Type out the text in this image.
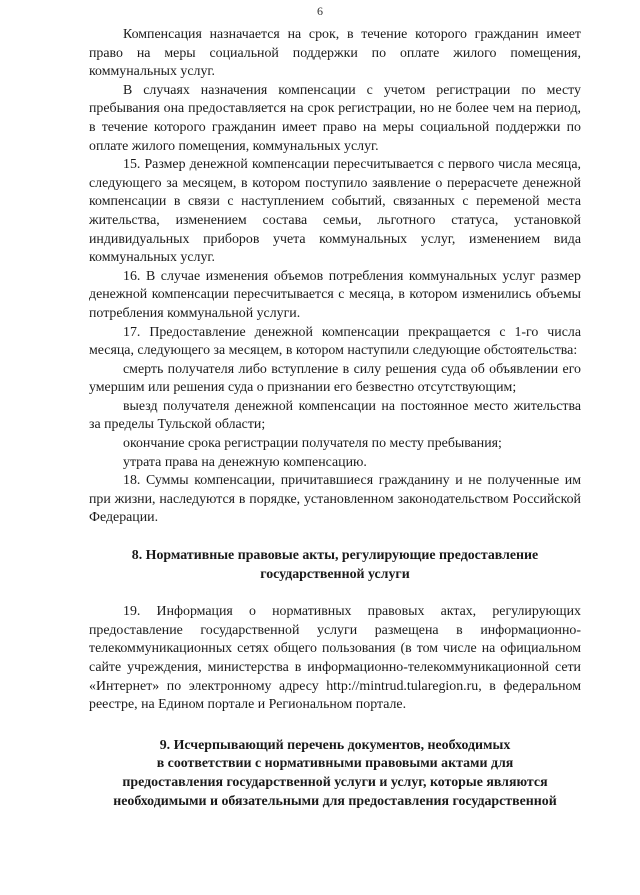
6

Компенсация назначается на срок, в течение которого гражданин имеет право на меры социальной поддержки по оплате жилого помещения, коммунальных услуг.

В случаях назначения компенсации с учетом регистрации по месту пребывания она предоставляется на срок регистрации, но не более чем на период, в течение которого гражданин имеет право на меры социальной поддержки по оплате жилого помещения, коммунальных услуг.

15. Размер денежной компенсации пересчитывается с первого числа месяца, следующего за месяцем, в котором поступило заявление о перерасчете денежной компенсации в связи с наступлением событий, связанных с переменой места жительства, изменением состава семьи, льготного статуса, установкой индивидуальных приборов учета коммунальных услуг, изменением вида коммунальных услуг.

16. В случае изменения объемов потребления коммунальных услуг размер денежной компенсации пересчитывается с месяца, в котором изменились объемы потребления коммунальной услуги.

17. Предоставление денежной компенсации прекращается с 1-го числа месяца, следующего за месяцем, в котором наступили следующие обстоятельства:

смерть получателя либо вступление в силу решения суда об объявлении его умершим или решения суда о признании его безвестно отсутствующим;

выезд получателя денежной компенсации на постоянное место жительства за пределы Тульской области;

окончание срока регистрации получателя по месту пребывания;

утрата права на денежную компенсацию.

18. Суммы компенсации, причитавшиеся гражданину и не полученные им при жизни, наследуются в порядке, установленном законодательством Российской Федерации.

8. Нормативные правовые акты, регулирующие предоставление
государственной услуги

19. Информация о нормативных правовых актах, регулирующих предоставление государственной услуги размещена в информационно-телекоммуникационных сетях общего пользования (в том числе на официальном сайте учреждения, министерства в информационно-телекоммуникационной сети «Интернет» по электронному адресу http://mintrud.tularegion.ru, в федеральном реестре, на Едином портале и Региональном портале.

9. Исчерпывающий перечень документов, необходимых
в соответствии с нормативными правовыми актами для
предоставления государственной услуги и услуг, которые являются
необходимыми и обязательными для предоставления государственной
